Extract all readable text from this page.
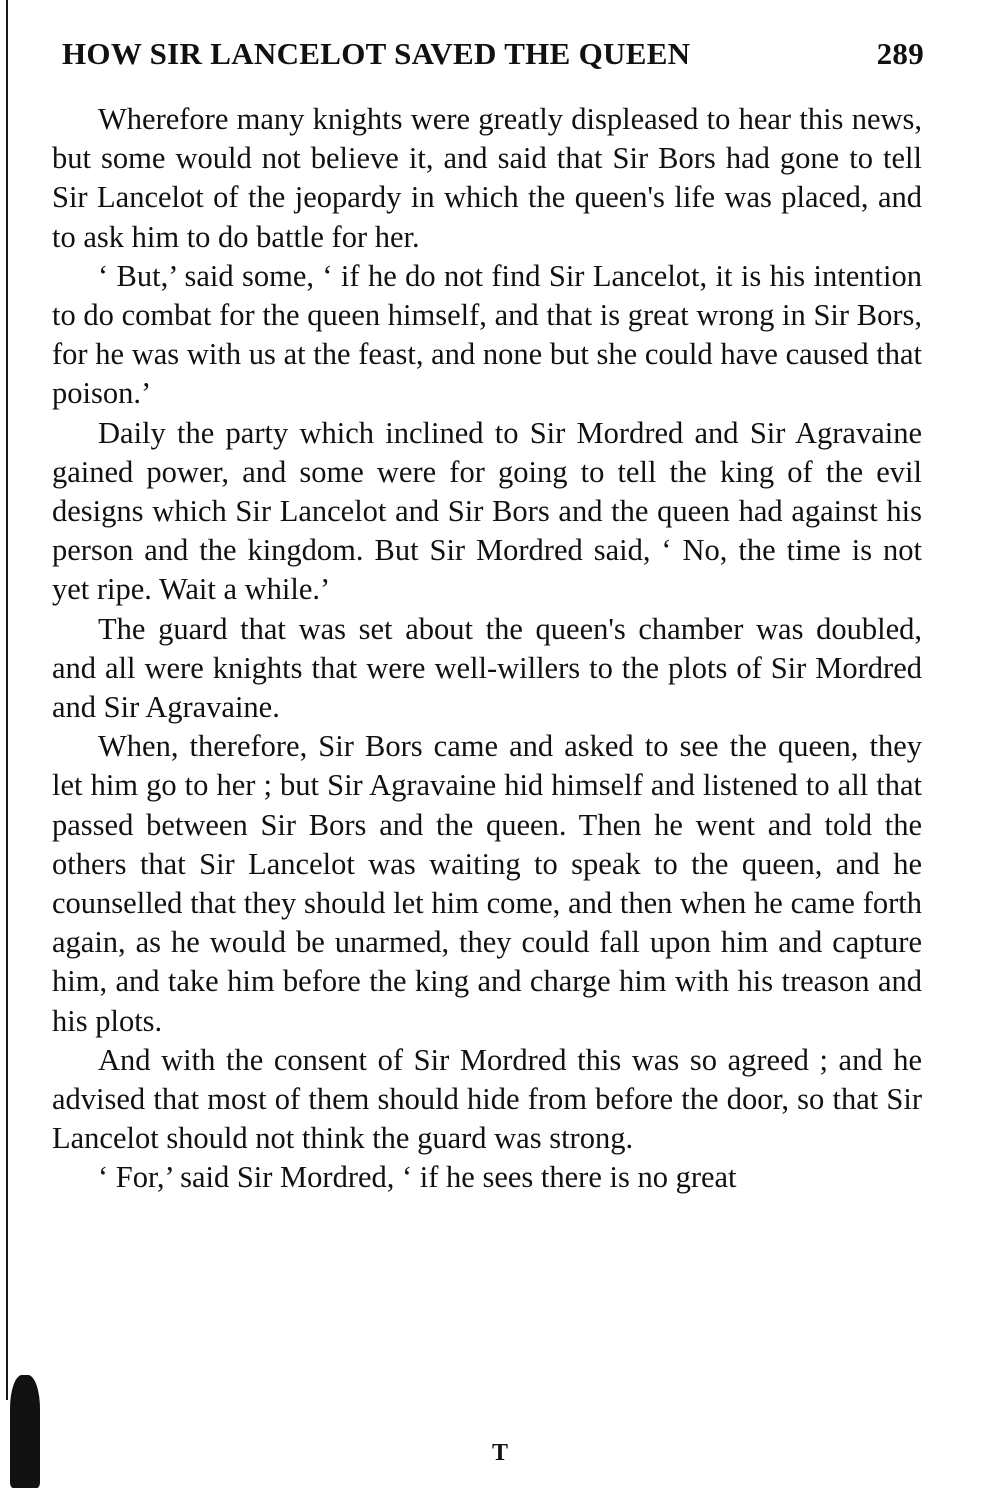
HOW SIR LANCELOT SAVED THE QUEEN	289

Wherefore many knights were greatly displeased to hear this news, but some would not believe it, and said that Sir Bors had gone to tell Sir Lancelot of the jeopardy in which the queen's life was placed, and to ask him to do battle for her.

‘ But,’ said some, ‘ if he do not find Sir Lancelot, it is his intention to do combat for the queen himself, and that is great wrong in Sir Bors, for he was with us at the feast, and none but she could have caused that poison.’

Daily the party which inclined to Sir Mordred and Sir Agravaine gained power, and some were for going to tell the king of the evil designs which Sir Lancelot and Sir Bors and the queen had against his person and the kingdom. But Sir Mordred said, ‘ No, the time is not yet ripe. Wait a while.’

The guard that was set about the queen's chamber was doubled, and all were knights that were well-willers to the plots of Sir Mordred and Sir Agravaine.

When, therefore, Sir Bors came and asked to see the queen, they let him go to her ; but Sir Agravaine hid himself and listened to all that passed between Sir Bors and the queen. Then he went and told the others that Sir Lancelot was waiting to speak to the queen, and he counselled that they should let him come, and then when he came forth again, as he would be unarmed, they could fall upon him and capture him, and take him before the king and charge him with his treason and his plots.

And with the consent of Sir Mordred this was so agreed ; and he advised that most of them should hide from before the door, so that Sir Lancelot should not think the guard was strong.

‘ For,’ said Sir Mordred, ‘ if he sees there is no great

T
